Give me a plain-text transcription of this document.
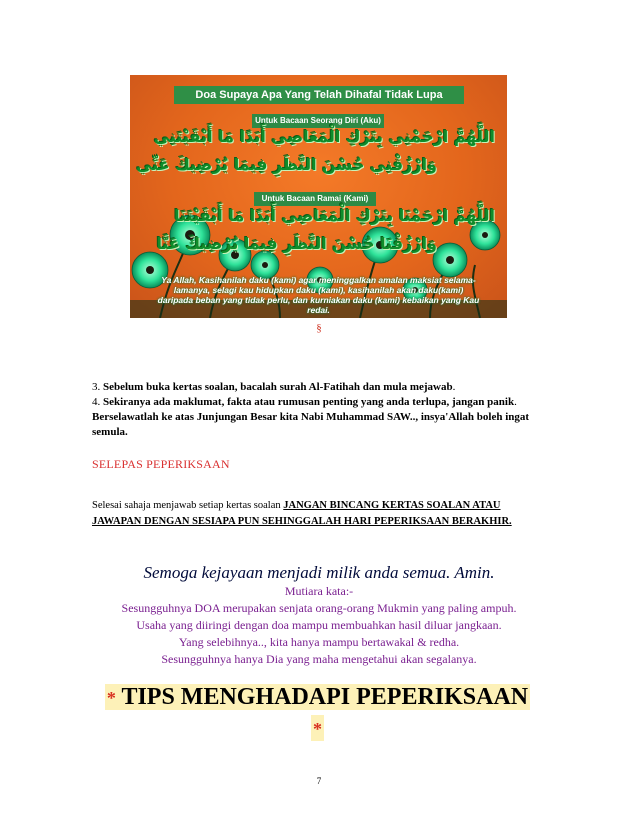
Doa Supaya Apa Yang Telah Dihafal Tidak Lupa
Untuk Bacaan Seorang Diri (Aku)
اللَّهُمَّ ارْحَمْنِي بِتَرْكِ الْمَعَاصِي أَبَدًا مَا أَبْقَيْتَنِي
وَارْزُقْنِي حُسْنَ النَّظَرِ فِيمَا يُرْضِيكَ عَنِّي
Untuk Bacaan Ramai (Kami)
اللَّهُمَّ ارْحَمْنَا بِتَرْكِ الْمَعَاصِي أَبَدًا مَا أَبْقَيْتَنَا
وَارْزُقْنَا حُسْنَ النَّظَرِ فِيمَا يُرْضِيكَ عَنَّا
Ya Allah, Kasihanilah daku (kami) agar meninggalkan amalan maksiat selama-
lamanya, selagi kau hidupkan daku (kami), kasihanilah akan daku(kami)
daripada beban yang tidak perlu, dan kurniakan daku (kami) kebaikan yang Kau
redai.
§
3. Sebelum buka kertas soalan, bacalah surah Al-Fatihah dan mula mejawab.
4. Sekiranya ada maklumat, fakta atau rumusan penting yang anda terlupa, jangan panik.
Berselawatlah ke atas Junjungan Besar kita Nabi Muhammad SAW.., insya'Allah boleh ingat semula.
SELEPAS PEPERIKSAAN
Selesai sahaja menjawab setiap kertas soalan JANGAN BINCANG KERTAS SOALAN ATAU JAWAPAN DENGAN SESIAPA PUN SEHINGGALAH HARI PEPERIKSAAN BERAKHIR.
Semoga kejayaan menjadi milik anda semua. Amin.
Mutiara kata:-
Sesungguhnya DOA merupakan senjata orang-orang Mukmin yang paling ampuh.
Usaha yang diiringi dengan doa mampu membuahkan hasil diluar jangkaan.
Yang selebihnya.., kita hanya mampu bertawakal & redha.
Sesungguhnya hanya Dia yang maha mengetahui akan segalanya.
* TIPS MENGHADAPI PEPERIKSAAN
*
7
